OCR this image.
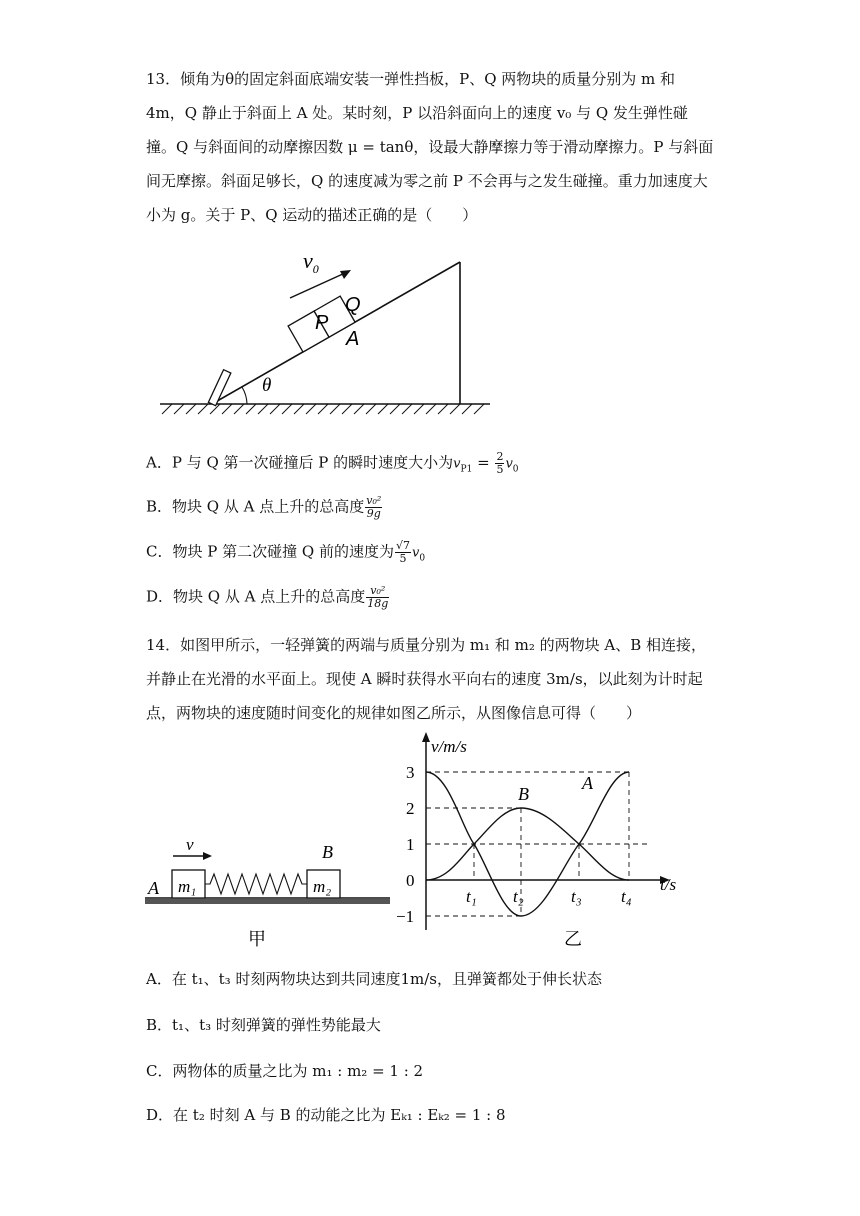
13．倾角为θ的固定斜面底端安装一弹性挡板，P、Q 两物块的质量分别为 m 和 4m，Q 静止于斜面上 A 处。某时刻，P 以沿斜面向上的速度 v₀ 与 Q 发生弹性碰撞。Q 与斜面间的动摩擦因数 μ = tanθ，设最大静摩擦力等于滑动摩擦力。P 与斜面间无摩擦。斜面足够长，Q 的速度减为零之前 P 不会再与之发生碰撞。重力加速度大小为 g。关于 P、Q 运动的描述正确的是（　　）
θ
P
Q
A
$v_0$
A．P 与 Q 第一次碰撞后 P 的瞬时速度大小为$v_{P1} = \frac{2}{5} v_0$
B．物块 Q 从 A 点上升的总高度 $\frac{\text{v₀²}}{9g}$
C．物块 P 第二次碰撞 Q 前的速度为 $\frac{√7}{5} v_0$
D．物块 Q 从 A 点上升的总高度 $\frac{\text{v₀²}}{18g}$
14．如图甲所示，一轻弹簧的两端与质量分别为 m₁ 和 m₂ 的两物块 A、B 相连接，并静止在光滑的水平面上。现使 A 瞬时获得水平向右的速度 3m/s，以此刻为计时起点，两物块的速度随时间变化的规律如图乙所示，从图像信息可得（　　）
m₁	m₂
A
B
v
甲
v/m/s
t/s
B
A
3
2
1
0
−1
t₁ t₂	t₃ t₄
乙
A．在 t₁、t₃ 时刻两物块达到共同速度1m/s，且弹簧都处于伸长状态
B．t₁、t₃ 时刻弹簧的弹性势能最大
C．两物体的质量之比为 m₁ : m₂ = 1 : 2
D．在 t₂ 时刻 A 与 B 的动能之比为 Eₖ₁ : Eₖ₂ = 1 : 8
